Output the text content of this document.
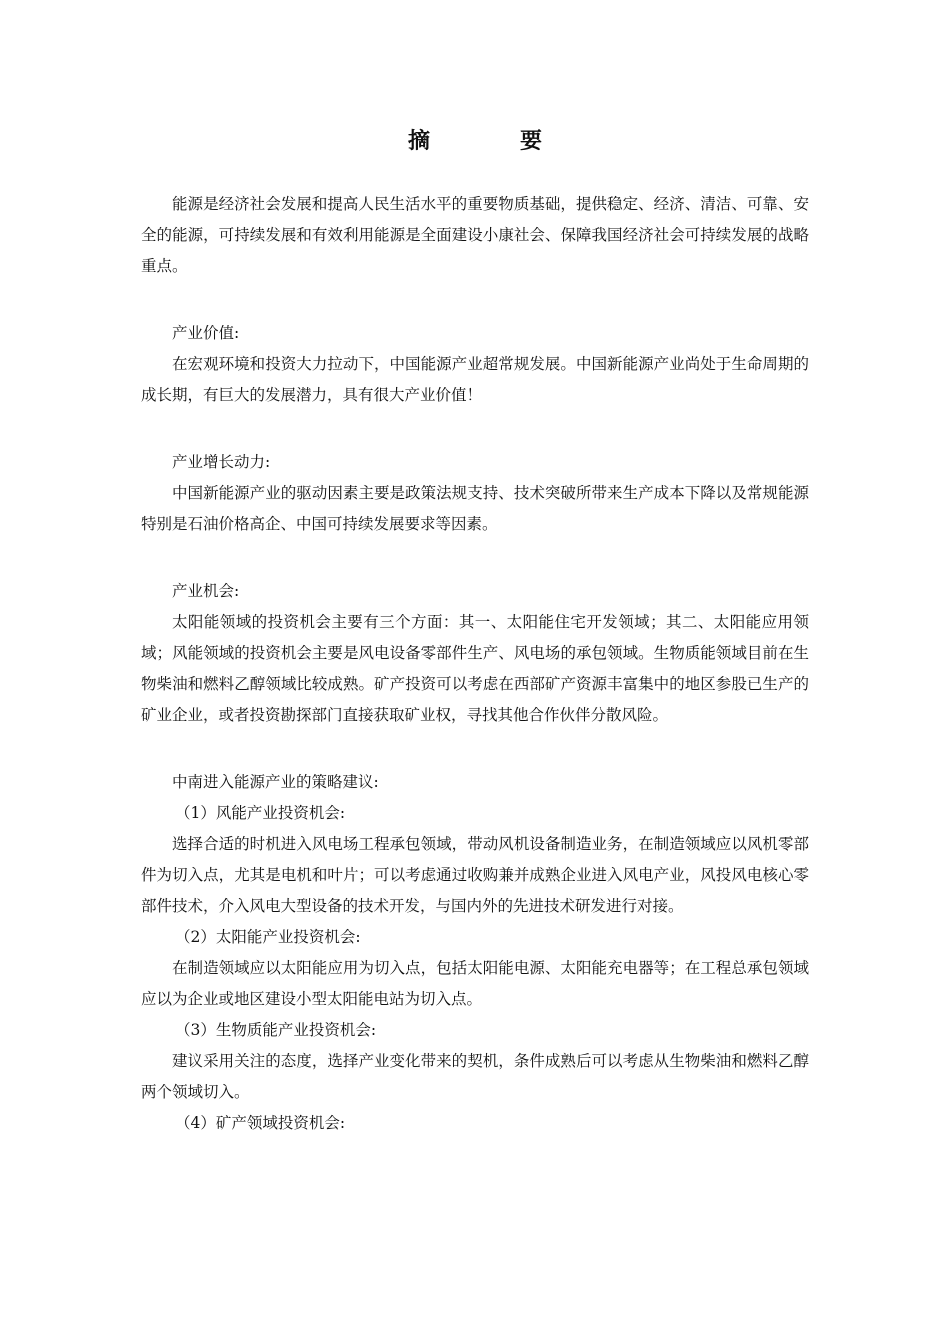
摘　要

能源是经济社会发展和提高人民生活水平的重要物质基础，提供稳定、经济、清洁、可靠、安全的能源，可持续发展和有效利用能源是全面建设小康社会、保障我国经济社会可持续发展的战略重点。

产业价值:

在宏观环境和投资大力拉动下，中国能源产业超常规发展。中国新能源产业尚处于生命周期的成长期，有巨大的发展潜力，具有很大产业价值！

产业增长动力:

中国新能源产业的驱动因素主要是政策法规支持、技术突破所带来生产成本下降以及常规能源特别是石油价格高企、中国可持续发展要求等因素。

产业机会:

太阳能领域的投资机会主要有三个方面：其一、太阳能住宅开发领域；其二、太阳能应用领域；风能领域的投资机会主要是风电设备零部件生产、风电场的承包领域。生物质能领域目前在生物柴油和燃料乙醇领域比较成熟。矿产投资可以考虑在西部矿产资源丰富集中的地区参股已生产的矿业企业，或者投资勘探部门直接获取矿业权，寻找其他合作伙伴分散风险。

中南进入能源产业的策略建议:

（1）风能产业投资机会:

选择合适的时机进入风电场工程承包领域，带动风机设备制造业务，在制造领域应以风机零部件为切入点，尤其是电机和叶片；可以考虑通过收购兼并成熟企业进入风电产业，风投风电核心零部件技术，介入风电大型设备的技术开发，与国内外的先进技术研发进行对接。

（2）太阳能产业投资机会:

在制造领域应以太阳能应用为切入点，包括太阳能电源、太阳能充电器等；在工程总承包领域应以为企业或地区建设小型太阳能电站为切入点。

（3）生物质能产业投资机会:

建议采用关注的态度，选择产业变化带来的契机，条件成熟后可以考虑从生物柴油和燃料乙醇两个领域切入。

（4）矿产领域投资机会:
